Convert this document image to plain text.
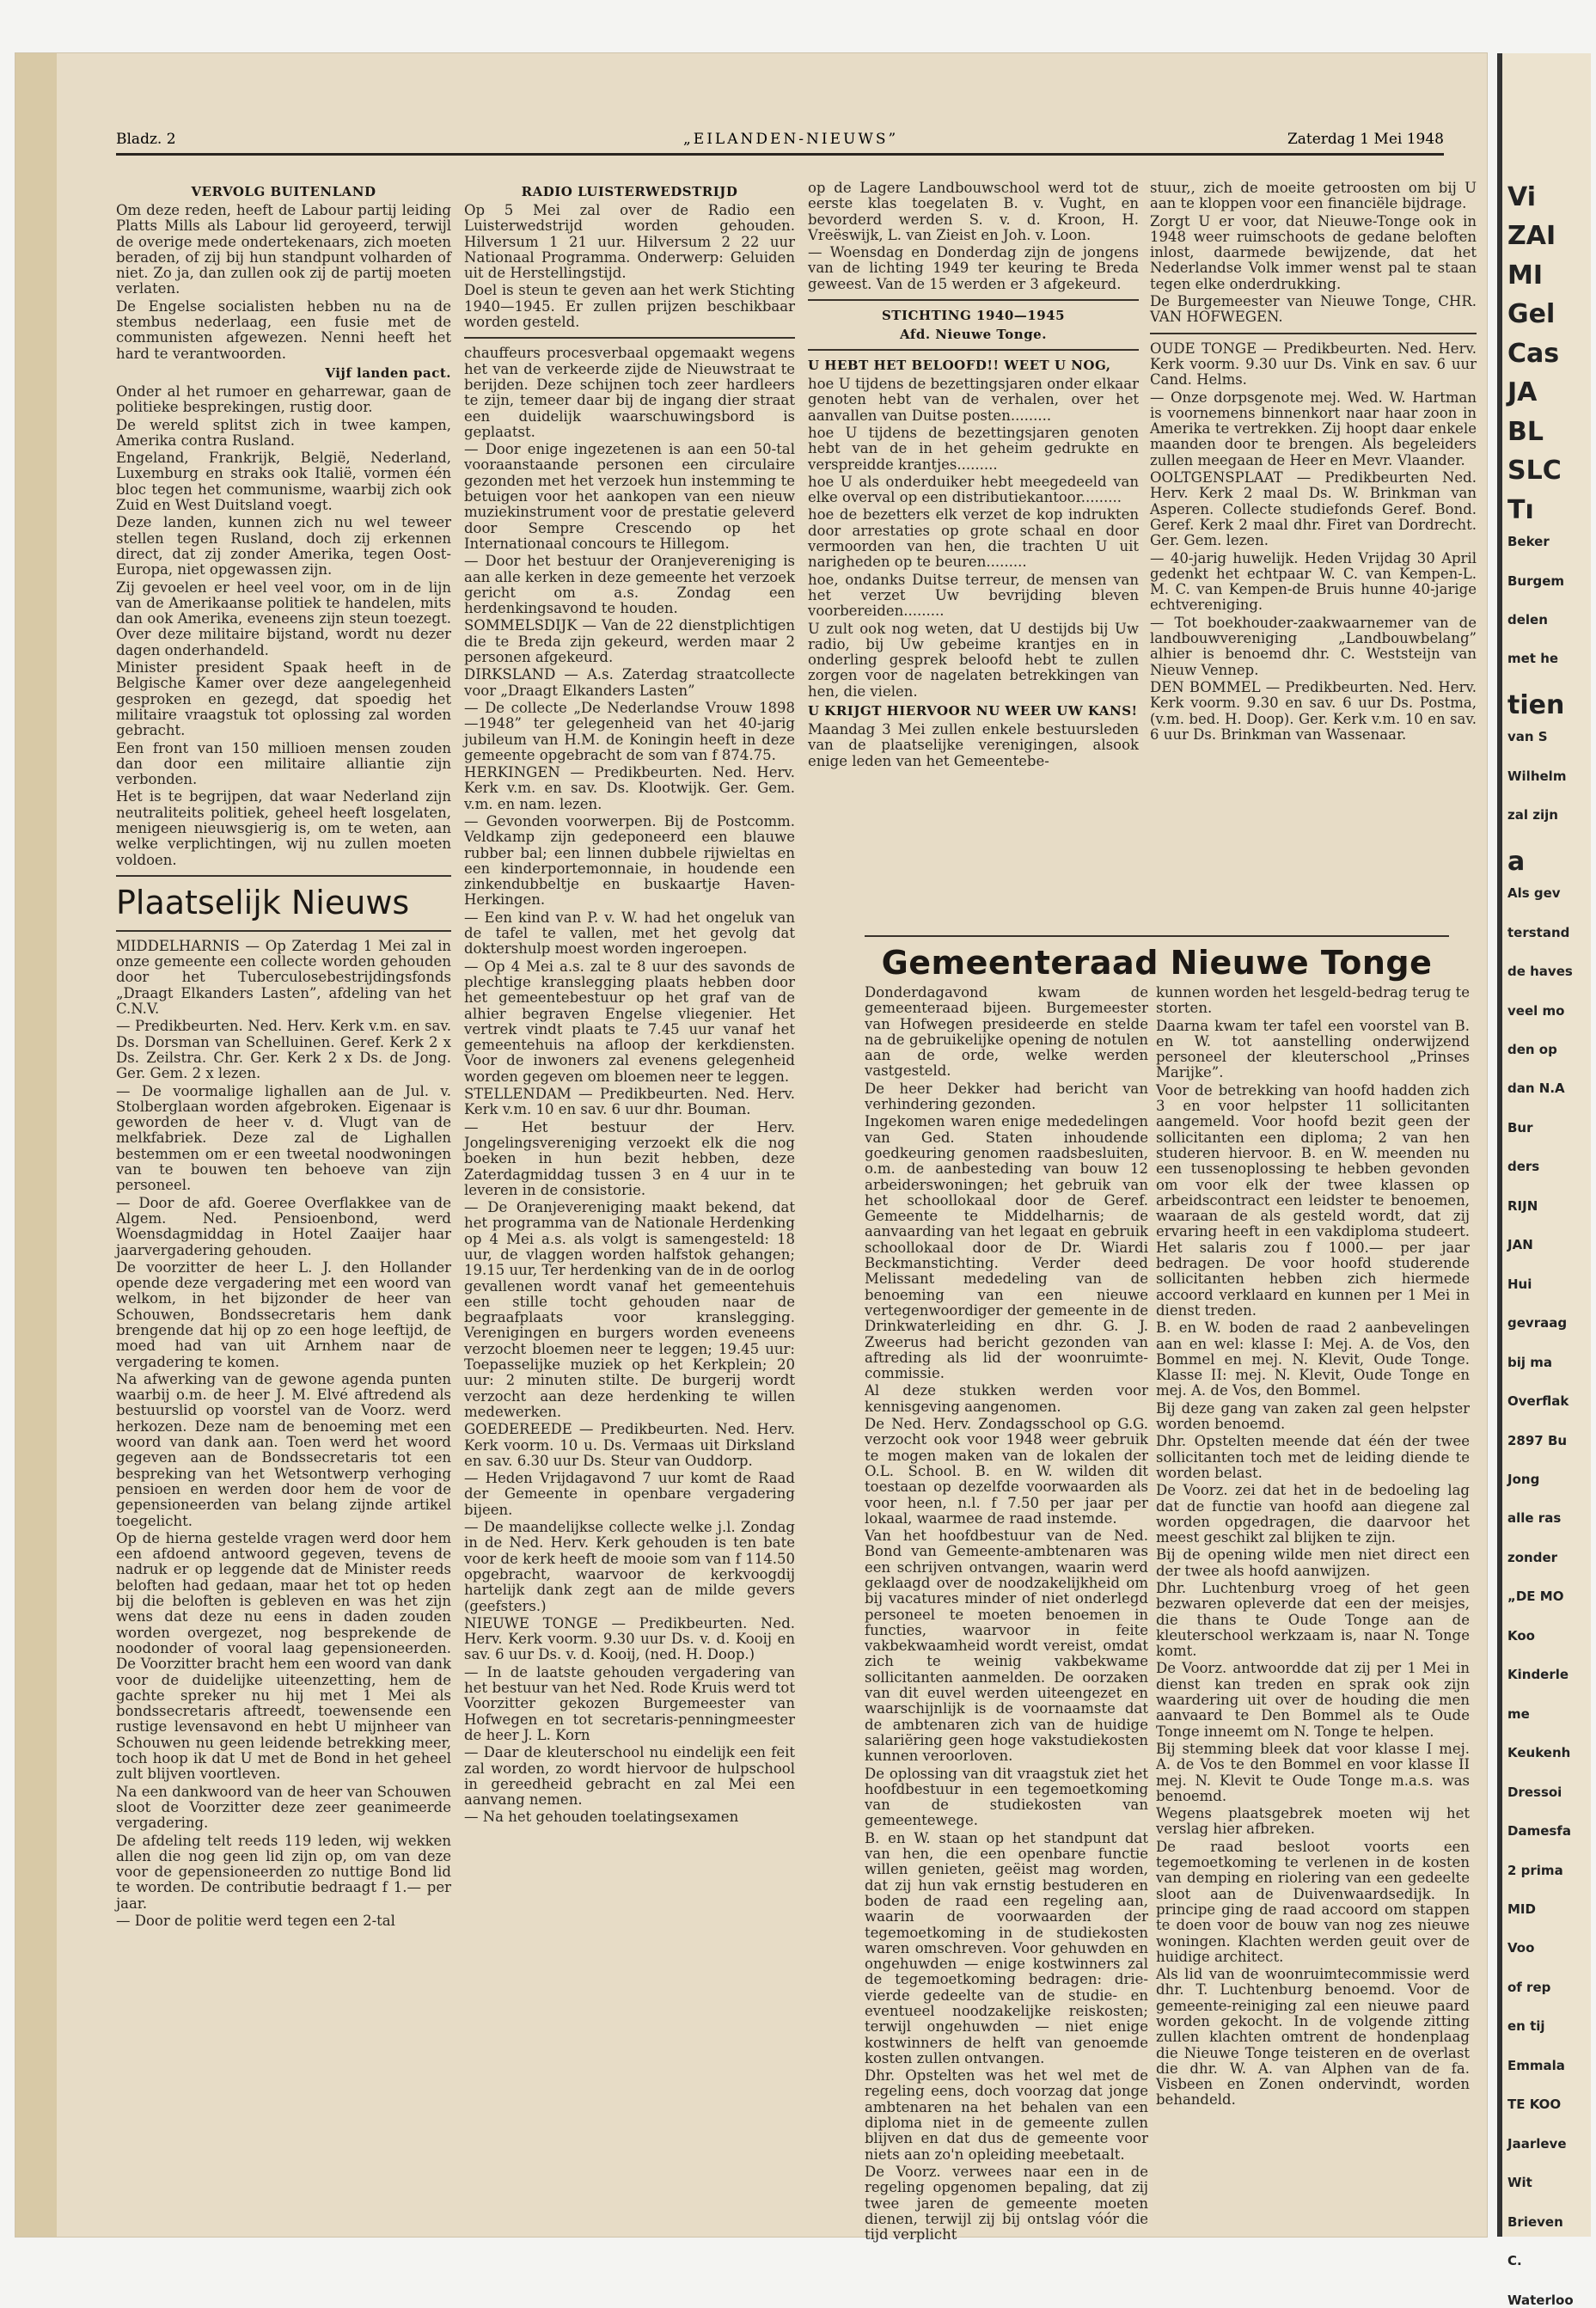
Bladz. 2	„EILANDEN-NIEUWS”	Zaterdag 1 Mei 1948
VERVOLG BUITENLAND

Om deze reden, heeft de Labour partij leiding Platts Mills als Labour lid geroyeerd, terwijl de overige mede ondertekenaars, zich moeten beraden, of zij bij hun standpunt volharden of niet. Zo ja, dan zullen ook zij de partij moeten verlaten.

De Engelse socialisten hebben nu na de stembus nederlaag, een fusie met de communisten afgewezen. Nenni heeft het hard te verantwoorden.

Vijf landen pact.

Onder al het rumoer en geharrewar, gaan de politieke besprekingen, rustig door.

De wereld splitst zich in twee kampen, Amerika contra Rusland.

Engeland, Frankrijk, België, Nederland, Luxemburg en straks ook Italië, vormen één bloc tegen het communisme, waarbij zich ook Zuid en West Duitsland voegt.

Deze landen, kunnen zich nu wel teweer stellen tegen Rusland, doch zij erkennen direct, dat zij zonder Amerika, tegen Oost-Europa, niet opgewassen zijn.

Zij gevoelen er heel veel voor, om in de lijn van de Amerikaanse politiek te handelen, mits dan ook Amerika, eveneens zijn steun toezegt. Over deze militaire bijstand, wordt nu dezer dagen onderhandeld.

Minister president Spaak heeft in de Belgische Kamer over deze aangelegenheid gesproken en gezegd, dat spoedig het militaire vraagstuk tot oplossing zal worden gebracht.

Een front van 150 millioen mensen zouden dan door een militaire alliantie zijn verbonden.

Het is te begrijpen, dat waar Nederland zijn neutraliteits politiek, geheel heeft losgelaten, menigeen nieuwsgierig is, om te weten, aan welke verplichtingen, wij nu zullen moeten voldoen.

Plaatselijk Nieuws

MIDDELHARNIS — Op Zaterdag 1 Mei zal in onze gemeente een collecte worden gehouden door het Tuberculosebestrijdingsfonds „Draagt Elkanders Lasten”, afdeling van het C.N.V.

— Predikbeurten. Ned. Herv. Kerk v.m. en sav. Ds. Dorsman van Schelluinen. Geref. Kerk 2 x Ds. Zeilstra. Chr. Ger. Kerk 2 x Ds. de Jong. Ger. Gem. 2 x lezen.

— De voormalige lighallen aan de Jul. v. Stolberglaan worden afgebroken. Eigenaar is geworden de heer v. d. Vlugt van de melkfabriek. Deze zal de Lighallen bestemmen om er een tweetal noodwoningen van te bouwen ten behoeve van zijn personeel.

— Door de afd. Goeree Overflakkee van de Algem. Ned. Pensioenbond, werd Woensdagmiddag in Hotel Zaaijer haar jaarvergadering gehouden.

De voorzitter de heer L. J. den Hollander opende deze vergadering met een woord van welkom, in het bijzonder de heer van Schouwen, Bondssecretaris hem dank brengende dat hij op zo een hoge leeftijd, de moed had van uit Arnhem naar de vergadering te komen.

Na afwerking van de gewone agenda punten waarbij o.m. de heer J. M. Elvé aftredend als bestuurslid op voorstel van de Voorz. werd herkozen. Deze nam de benoeming met een woord van dank aan. Toen werd het woord gegeven aan de Bondssecretaris tot een bespreking van het Wetsontwerp verhoging pensioen en werden door hem de voor de gepensioneerden van belang zijnde artikel toegelicht.

Op de hierna gestelde vragen werd door hem een afdoend antwoord gegeven, tevens de nadruk er op leggende dat de Minister reeds beloften had gedaan, maar het tot op heden bij die beloften is gebleven en was het zijn wens dat deze nu eens in daden zouden worden overgezet, nog besprekende de noodonder of vooral laag gepensioneerden. De Voorzitter bracht hem een woord van dank voor de duidelijke uiteenzetting, hem de gachte spreker nu hij met 1 Mei als bondssecretaris aftreedt, toewensende een rustige levensavond en hebt U mijnheer van Schouwen nu geen leidende betrekking meer, toch hoop ik dat U met de Bond in het geheel zult blijven voortleven.

Na een dankwoord van de heer van Schouwen sloot de Voorzitter deze zeer geanimeerde vergadering.

De afdeling telt reeds 119 leden, wij wekken allen die nog geen lid zijn op, om van deze voor de gepensioneerden zo nuttige Bond lid te worden. De contributie bedraagt f 1.— per jaar.

— Door de politie werd tegen een 2-tal

RADIO LUISTERWEDSTRIJD

Op 5 Mei zal over de Radio een Luisterwedstrijd worden gehouden. Hilversum 1 21 uur. Hilversum 2 22 uur Nationaal Programma. Onderwerp: Geluiden uit de Herstellingstijd.

Doel is steun te geven aan het werk Stichting 1940—1945. Er zullen prijzen beschikbaar worden gesteld.

chauffeurs procesverbaal opgemaakt wegens het van de verkeerde zijde de Nieuwstraat te berijden. Deze schijnen toch zeer hardleers te zijn, temeer daar bij de ingang dier straat een duidelijk waarschuwingsbord is geplaatst.

— Door enige ingezetenen is aan een 50-tal vooraanstaande personen een circulaire gezonden met het verzoek hun instemming te betuigen voor het aankopen van een nieuw muziekinstrument voor de prestatie geleverd door Sempre Crescendo op het Internationaal concours te Hillegom.

— Door het bestuur der Oranjevereniging is aan alle kerken in deze gemeente het verzoek gericht om a.s. Zondag een herdenkingsavond te houden.

SOMMELSDIJK — Van de 22 dienstplichtigen die te Breda zijn gekeurd, werden maar 2 personen afgekeurd.

DIRKSLAND — A.s. Zaterdag straatcollecte voor „Draagt Elkanders Lasten”

— De collecte „De Nederlandse Vrouw 1898—1948” ter gelegenheid van het 40-jarig jubileum van H.M. de Koningin heeft in deze gemeente opgebracht de som van f 874.75.

HERKINGEN — Predikbeurten. Ned. Herv. Kerk v.m. en sav. Ds. Klootwijk. Ger. Gem. v.m. en nam. lezen.

— Gevonden voorwerpen. Bij de Postcomm. Veldkamp zijn gedeponeerd een blauwe rubber bal; een linnen dubbele rijwieltas en een kinderportemonnaie, in houdende een zinkendubbeltje en buskaartje Haven-Herkingen.

— Een kind van P. v. W. had het ongeluk van de tafel te vallen, met het gevolg dat doktershulp moest worden ingeroepen.

— Op 4 Mei a.s. zal te 8 uur des savonds de plechtige kranslegging plaats hebben door het gemeentebestuur op het graf van de alhier begraven Engelse vliegenier. Het vertrek vindt plaats te 7.45 uur vanaf het gemeentehuis na afloop der kerkdiensten. Voor de inwoners zal evenens gelegenheid worden gegeven om bloemen neer te leggen.

STELLENDAM — Predikbeurten. Ned. Herv. Kerk v.m. 10 en sav. 6 uur dhr. Bouman.

— Het bestuur der Herv. Jongelingsvereniging verzoekt elk die nog boeken in hun bezit hebben, deze Zaterdagmiddag tussen 3 en 4 uur in te leveren in de consistorie.

— De Oranjevereniging maakt bekend, dat het programma van de Nationale Herdenking op 4 Mei a.s. als volgt is samengesteld: 18 uur, de vlaggen worden halfstok gehangen; 19.15 uur, Ter herdenking van de in de oorlog gevallenen wordt vanaf het gemeentehuis een stille tocht gehouden naar de begraafplaats voor kranslegging. Verenigingen en burgers worden eveneens verzocht bloemen neer te leggen; 19.45 uur: Toepasselijke muziek op het Kerkplein; 20 uur: 2 minuten stilte. De burgerij wordt verzocht aan deze herdenking te willen medewerken.

GOEDEREEDE — Predikbeurten. Ned. Herv. Kerk voorm. 10 u. Ds. Vermaas uit Dirksland en sav. 6.30 uur Ds. Steur van Ouddorp.

— Heden Vrijdagavond 7 uur komt de Raad der Gemeente in openbare vergadering bijeen.

— De maandelijkse collecte welke j.l. Zondag in de Ned. Herv. Kerk gehouden is ten bate voor de kerk heeft de mooie som van f 114.50 opgebracht, waarvoor de kerkvoogdij hartelijk dank zegt aan de milde gevers (geefsters.)

NIEUWE TONGE — Predikbeurten. Ned. Herv. Kerk voorm. 9.30 uur Ds. v. d. Kooij en sav. 6 uur Ds. v. d. Kooij, (ned. H. Doop.)

— In de laatste gehouden vergadering van het bestuur van het Ned. Rode Kruis werd tot Voorzitter gekozen Burgemeester van Hofwegen en tot secretaris-penningmeester de heer J. L. Korn

— Daar de kleuterschool nu eindelijk een feit zal worden, zo wordt hiervoor de hulpschool in gereedheid gebracht en zal Mei een aanvang nemen.

— Na het gehouden toelatingsexamen

op de Lagere Landbouwschool werd tot de eerste klas toegelaten B. v. Vught, en bevorderd werden S. v. d. Kroon, H. Vreëswijk, L. van Zieist en Joh. v. Loon.

— Woensdag en Donderdag zijn de jongens van de lichting 1949 ter keuring te Breda geweest. Van de 15 werden er 3 afgekeurd.

STICHTING 1940—1945
Afd. Nieuwe Tonge.
U HEBT HET BELOOFD!! WEET U NOG,

hoe U tijdens de bezettingsjaren onder elkaar genoten hebt van de verhalen, over het aanvallen van Duitse posten.........

hoe U tijdens de bezettingsjaren genoten hebt van de in het geheim gedrukte en verspreidde krantjes.........

hoe U als onderduiker hebt meegedeeld van elke overval op een distributiekantoor.........

hoe de bezetters elk verzet de kop indrukten door arrestaties op grote schaal en door vermoorden van hen, die trachten U uit narigheden op te beuren.........

hoe, ondanks Duitse terreur, de mensen van het verzet Uw bevrijding bleven voorbereiden.........

U zult ook nog weten, dat U destijds bij Uw radio, bij Uw gebeime krantjes en in onderling gesprek beloofd hebt te zullen zorgen voor de nagelaten betrekkingen van hen, die vielen.

U KRIJGT HIERVOOR NU WEER UW KANS!

Maandag 3 Mei zullen enkele bestuursleden van de plaatselijke verenigingen, alsook enige leden van het Gemeentebe-

stuur,, zich de moeite getroosten om bij U aan te kloppen voor een financiële bijdrage.

Zorgt U er voor, dat Nieuwe-Tonge ook in 1948 weer ruimschoots de gedane beloften inlost, daarmede bewijzende, dat het Nederlandse Volk immer wenst pal te staan tegen elke onderdrukking.

De Burgemeester van Nieuwe Tonge, CHR. VAN HOFWEGEN.

OUDE TONGE — Predikbeurten. Ned. Herv. Kerk voorm. 9.30 uur Ds. Vink en sav. 6 uur Cand. Helms.

— Onze dorpsgenote mej. Wed. W. Hartman is voornemens binnenkort naar haar zoon in Amerika te vertrekken. Zij hoopt daar enkele maanden door te brengen. Als begeleiders zullen meegaan de Heer en Mevr. Vlaander.

OOLTGENSPLAAT — Predikbeurten Ned. Herv. Kerk 2 maal Ds. W. Brinkman van Asperen. Collecte studiefonds Geref. Bond. Geref. Kerk 2 maal dhr. Firet van Dordrecht. Ger. Gem. lezen.

— 40-jarig huwelijk. Heden Vrijdag 30 April gedenkt het echtpaar W. C. van Kempen-L. M. C. van Kempen-de Bruis hunne 40-jarige echtvereniging.

— Tot boekhouder-zaakwaarnemer van de landbouwvereniging „Landbouwbelang” alhier is benoemd dhr. C. Weststeijn van Nieuw Vennep.

DEN BOMMEL — Predikbeurten. Ned. Herv. Kerk voorm. 9.30 en sav. 6 uur Ds. Postma, (v.m. bed. H. Doop). Ger. Kerk v.m. 10 en sav. 6 uur Ds. Brinkman van Wassenaar.

Gemeenteraad Nieuwe Tonge

Donderdagavond kwam de gemeenteraad bijeen. Burgemeester van Hofwegen presideerde en stelde na de gebruikelijke opening de notulen aan de orde, welke werden vastgesteld.

De heer Dekker had bericht van verhindering gezonden.

Ingekomen waren enige mededelingen van Ged. Staten inhoudende goedkeuring genomen raadsbesluiten, o.m. de aanbesteding van bouw 12 arbeiderswoningen; het gebruik van het schoollokaal door de Geref. Gemeente te Middelharnis; de aanvaarding van het legaat en gebruik schoollokaal door de Dr. Wiardi Beckmanstichting. Verder deed Melissant mededeling van de benoeming van een nieuwe vertegenwoordiger der gemeente in de Drinkwaterleiding en dhr. G. J. Zweerus had bericht gezonden van aftreding als lid der woonruimte-commissie.

Al deze stukken werden voor kennisgeving aangenomen.

De Ned. Herv. Zondagsschool op G.G. verzocht ook voor 1948 weer gebruik te mogen maken van de lokalen der O.L. School. B. en W. wilden dit toestaan op dezelfde voorwaarden als voor heen, n.l. f 7.50 per jaar per lokaal, waarmee de raad instemde.

Van het hoofdbestuur van de Ned. Bond van Gemeente-ambtenaren was een schrijven ontvangen, waarin werd geklaagd over de noodzakelijkheid om bij vacatures minder of niet onderlegd personeel te moeten benoemen in functies, waarvoor in feite vakbekwaamheid wordt vereist, omdat zich te weinig vakbekwame sollicitanten aanmelden. De oorzaken van dit euvel werden uiteengezet en waarschijnlijk is de voornaamste dat de ambtenaren zich van de huidige salariëring geen hoge vakstudiekosten kunnen veroorloven.

De oplossing van dit vraagstuk ziet het hoofdbestuur in een tegemoetkoming van de studiekosten van gemeentewege.

B. en W. staan op het standpunt dat van hen, die een openbare functie willen genieten, geëist mag worden, dat zij hun vak ernstig bestuderen en boden de raad een regeling aan, waarin de voorwaarden der tegemoetkoming in de studiekosten waren omschreven. Voor gehuwden en ongehuwden — enige kostwinners zal de tegemoetkoming bedragen: drie-vierde gedeelte van de studie- en eventueel noodzakelijke reiskosten; terwijl ongehuwden — niet enige kostwinners de helft van genoemde kosten zullen ontvangen.

Dhr. Opstelten was het wel met de regeling eens, doch voorzag dat jonge ambtenaren na het behalen van een diploma niet in de gemeente zullen blijven en dat dus de gemeente voor niets aan zo'n opleiding meebetaalt.

De Voorz. verwees naar een in de regeling opgenomen bepaling, dat zij twee jaren de gemeente moeten dienen, terwijl zij bij ontslag vóór die tijd verplicht

kunnen worden het lesgeld-bedrag terug te storten.

Daarna kwam ter tafel een voorstel van B. en W. tot aanstelling onderwijzend personeel der kleuterschool „Prinses Marijke”.

Voor de betrekking van hoofd hadden zich 3 en voor helpster 11 sollicitanten aangemeld. Voor hoofd bezit geen der sollicitanten een diploma; 2 van hen studeren hiervoor. B. en W. meenden nu een tussenoplossing te hebben gevonden om voor elk der twee klassen op arbeidscontract een leidster te benoemen, waaraan de als gesteld wordt, dat zij ervaring heeft in een vakdiploma studeert. Het salaris zou f 1000.— per jaar bedragen. De voor hoofd studerende sollicitanten hebben zich hiermede accoord verklaard en kunnen per 1 Mei in dienst treden.

B. en W. boden de raad 2 aanbevelingen aan en wel: klasse I: Mej. A. de Vos, den Bommel en mej. N. Klevit, Oude Tonge. Klasse II: mej. N. Klevit, Oude Tonge en mej. A. de Vos, den Bommel.

Bij deze gang van zaken zal geen helpster worden benoemd.

Dhr. Opstelten meende dat één der twee sollicitanten toch met de leiding diende te worden belast.

De Voorz. zei dat het in de bedoeling lag dat de functie van hoofd aan diegene zal worden opgedragen, die daarvoor het meest geschikt zal blijken te zijn.

Bij de opening wilde men niet direct een der twee als hoofd aanwijzen.

Dhr. Luchtenburg vroeg of het geen bezwaren opleverde dat een der meisjes, die thans te Oude Tonge aan de kleuterschool werkzaam is, naar N. Tonge komt.

De Voorz. antwoordde dat zij per 1 Mei in dienst kan treden en sprak ook zijn waardering uit over de houding die men aanvaard te Den Bommel als te Oude Tonge inneemt om N. Tonge te helpen.

Bij stemming bleek dat voor klasse I mej. A. de Vos te den Bommel en voor klasse II mej. N. Klevit te Oude Tonge m.a.s. was benoemd.

Wegens plaatsgebrek moeten wij het verslag hier afbreken.

De raad besloot voorts een tegemoetkoming te verlenen in de kosten van demping en riolering van een gedeelte sloot aan de Duivenwaardsedijk. In principe ging de raad accoord om stappen te doen voor de bouw van nog zes nieuwe woningen. Klachten werden geuit over de huidige architect.

Als lid van de woonruimtecommissie werd dhr. T. Luchtenburg benoemd. Voor de gemeente-reiniging zal een nieuwe paard worden gekocht. In de volgende zitting zullen klachten omtrent de hondenplaag die Nieuwe Tonge teisteren en de overlast die dhr. W. A. van Alphen van de fa. Visbeen en Zonen ondervindt, worden behandeld.

Vi
ZAI
MI
Gel
Cas
JA
BL
SLC
Tı
Beker
Burgem
delen
met he
tien
van S
Wilhelm
zal zijn
a
Als gev
terstand
de haves
veel mo
den op
dan N.A
Bur
ders
RIJN
JAN
Hui
gevraag
bij ma
Overflak
2897 Bu
Jong
alle ras
zonder
„DE MO
Koo
Kinderle
me
Keukenh
Dressoi
Damesfa
2 prima
MID
Voo
of rep
en tij
Emmala
TE KOO
Jaarleve
Wit
Brieven
C.
Waterloo
